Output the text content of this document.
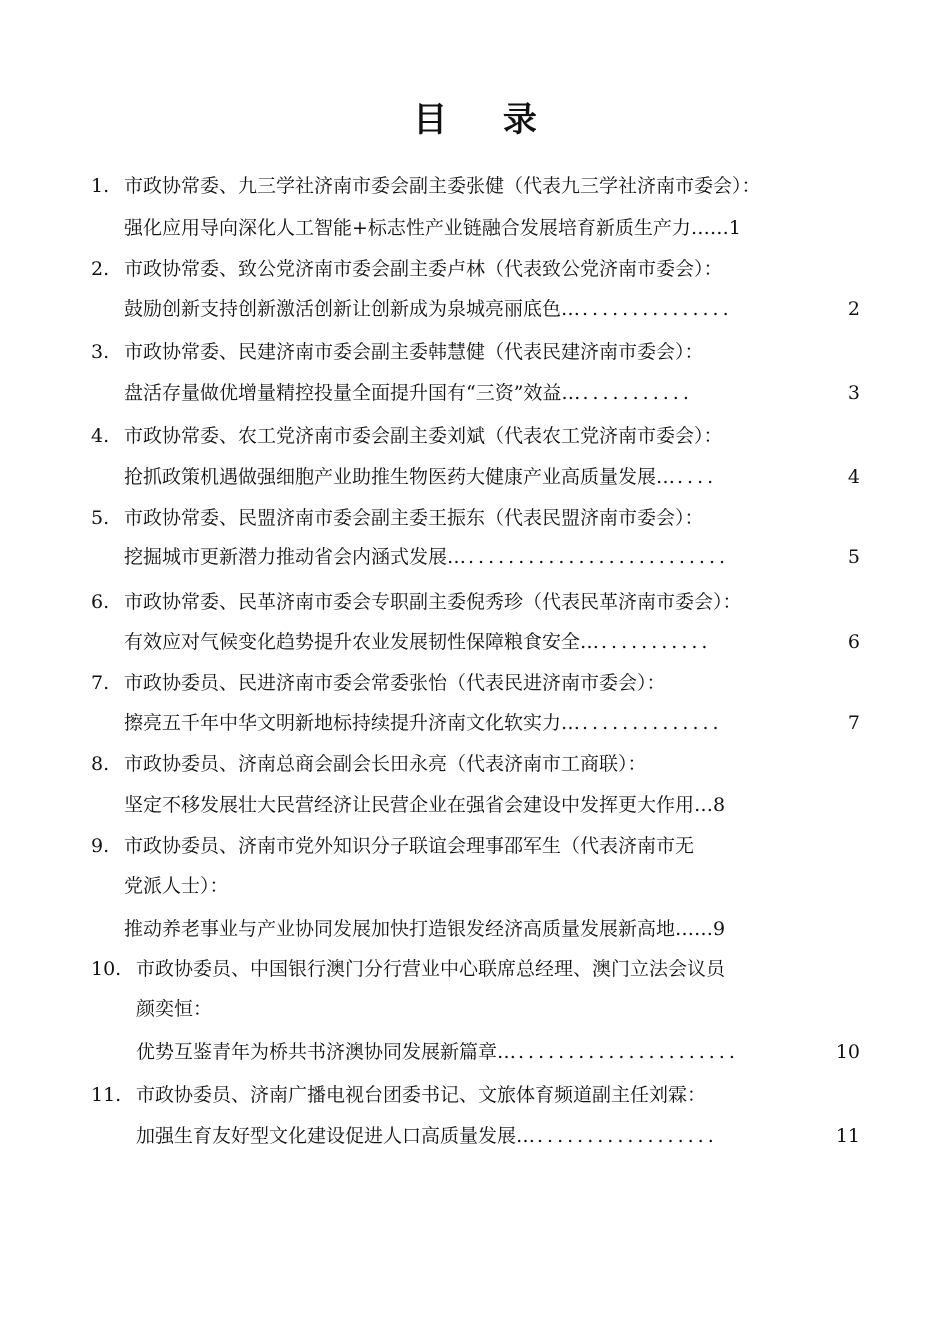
目 录
1. 市政协常委、九三学社济南市委会副主委张健（代表九三学社济南市委会）：
强化应用导向深化人工智能+标志性产业链融合发展培育新质生产力…… 1
2. 市政协常委、致公党济南市委会副主委卢林（代表致公党济南市委会）：
鼓励创新支持创新激活创新让创新成为泉城亮丽底色… ...............	2
3. 市政协常委、民建济南市委会副主委韩慧健（代表民建济南市委会）：
盘活存量做优增量精控投量全面提升国有“三资”效益… ...........	3
4. 市政协常委、农工党济南市委会副主委刘斌（代表农工党济南市委会）：
抢抓政策机遇做强细胞产业助推生物医药大健康产业高质量发展… ....	4
5. 市政协常委、民盟济南市委会副主委王振东（代表民盟济南市委会）：
挖掘城市更新潜力推动省会内涵式发展… ..........................	5
6. 市政协常委、民革济南市委会专职副主委倪秀珍（代表民革济南市委会）：
有效应对气候变化趋势提升农业发展韧性保障粮食安全… ...........	6
7. 市政协委员、民进济南市委会常委张怡（代表民进济南市委会）：
擦亮五千年中华文明新地标持续提升济南文化软实力… ..............	7
8. 市政协委员、济南总商会副会长田永亮（代表济南市工商联）：
坚定不移发展壮大民营经济让民营企业在强省会建设中发挥更大作用… 8
9. 市政协委员、济南市党外知识分子联谊会理事邵军生（代表济南市无
党派人士）：
推动养老事业与产业协同发展加快打造银发经济高质量发展新高地…… 9
10. 市政协委员、中国银行澳门分行营业中心联席总经理、澳门立法会议员
颜奕恒：
优势互鉴青年为桥共书济澳协同发展新篇章… ......................	10
11. 市政协委员、济南广播电视台团委书记、文旅体育频道副主任刘霖：
加强生育友好型文化建设促进人口高质量发展… ..................	11
